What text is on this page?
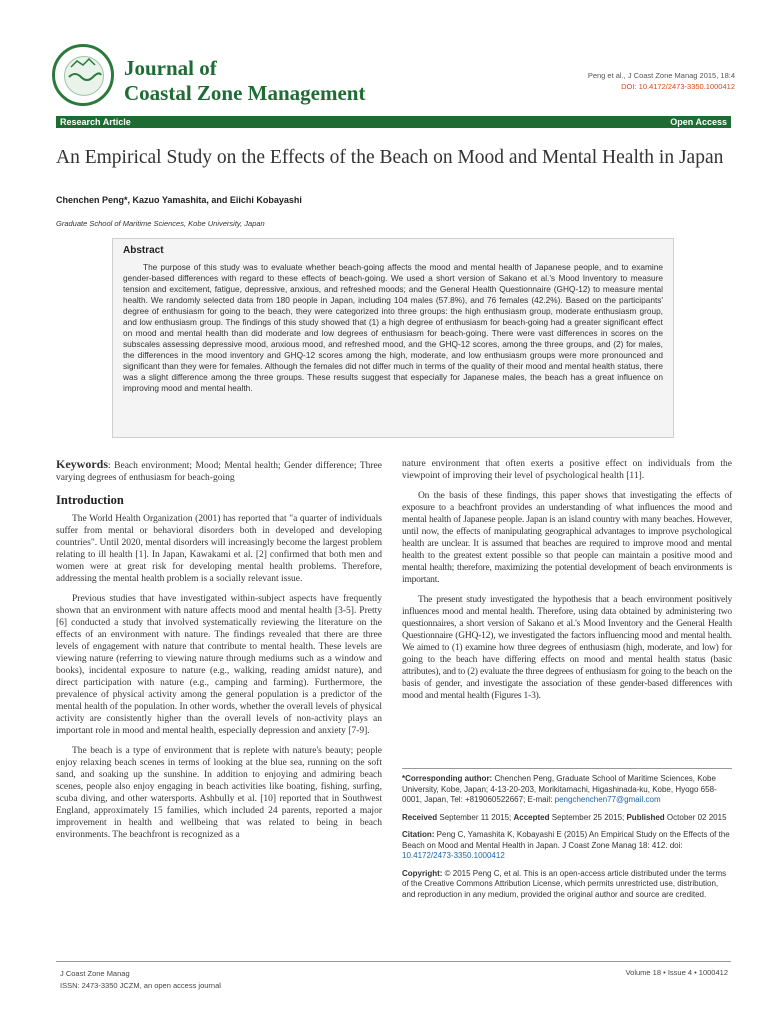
Journal of
Coastal Zone Management
Peng et al., J Coast Zone Manag 2015, 18:4
DOI: 10.4172/2473-3350.1000412
Research Article	Open Access
An Empirical Study on the Effects of the Beach on Mood and Mental Health in Japan
Chenchen Peng*, Kazuo Yamashita, and Eiichi Kobayashi
Graduate School of Maritime Sciences, Kobe University, Japan
Abstract

The purpose of this study was to evaluate whether beach-going affects the mood and mental health of Japanese people, and to examine gender-based differences with regard to these effects of beach-going. We used a short version of Sakano et al.'s Mood Inventory to measure tension and excitement, fatigue, depressive, anxious, and refreshed moods; and the General Health Questionnaire (GHQ-12) to measure mental health. We randomly selected data from 180 people in Japan, including 104 males (57.8%), and 76 females (42.2%). Based on the participants' degree of enthusiasm for going to the beach, they were categorized into three groups: the high enthusiasm group, moderate enthusiasm group, and low enthusiasm group. The findings of this study showed that (1) a high degree of enthusiasm for beach-going had a greater significant effect on mood and mental health than did moderate and low degrees of enthusiasm for beach-going. There were vast differences in scores on the subscales assessing depressive mood, anxious mood, and refreshed mood, and the GHQ-12 scores, among the three groups, and (2) for males, the differences in the mood inventory and GHQ-12 scores among the high, moderate, and low enthusiasm groups were more pronounced and significant than they were for females. Although the females did not differ much in terms of the quality of their mood and mental health status, there was a slight difference among the three groups. These results suggest that especially for Japanese males, the beach has a great influence on improving mood and mental health.

Keywords: Beach environment; Mood; Mental health; Gender difference; Three varying degrees of enthusiasm for beach-going

Introduction

The World Health Organization (2001) has reported that "a quarter of individuals suffer from mental or behavioral disorders both in developed and developing countries". Until 2020, mental disorders will increasingly become the largest problem relating to ill health [1]. In Japan, Kawakami et al. [2] confirmed that both men and women were at great risk for developing mental health problems. Therefore, addressing the mental health problem is a socially relevant issue.

Previous studies that have investigated within-subject aspects have frequently shown that an environment with nature affects mood and mental health [3-5]. Pretty [6] conducted a study that involved systematically reviewing the literature on the effects of an environment with nature. The findings revealed that there are three levels of engagement with nature that contribute to mental health. These levels are viewing nature (referring to viewing nature through mediums such as a window and books), incidental exposure to nature (e.g., walking, reading amidst nature), and direct participation with nature (e.g., camping and farming). Furthermore, the prevalence of physical activity among the general population is a predictor of the mental health of the population. In other words, whether the overall levels of physical activity are consistently higher than the overall levels of non-activity plays an important role in mood and mental health, especially depression and anxiety [7-9].

The beach is a type of environment that is replete with nature's beauty; people enjoy relaxing beach scenes in terms of looking at the blue sea, running on the soft sand, and soaking up the sunshine. In addition to enjoying and admiring beach scenes, people also enjoy engaging in beach activities like boating, fishing, surfing, scuba diving, and other watersports. Ashbully et al. [10] reported that in Southwest England, approximately 15 families, which included 24 parents, reported a major improvement in health and wellbeing that was related to being in beach environments. The beachfront is recognized as a

nature environment that often exerts a positive effect on individuals from the viewpoint of improving their level of psychological health [11].

On the basis of these findings, this paper shows that investigating the effects of exposure to a beachfront provides an understanding of what influences the mood and mental health of Japanese people. Japan is an island country with many beaches. However, until now, the effects of manipulating geographical advantages to improve psychological health are unclear. It is assumed that beaches are required to improve mood and mental health to the greatest extent possible so that people can maintain a positive mood and mental health; therefore, maximizing the potential development of beach environments is important.

The present study investigated the hypothesis that a beach environment positively influences mood and mental health. Therefore, using data obtained by administering two questionnaires, a short version of Sakano et al.'s Mood Inventory and the General Health Questionnaire (GHQ-12), we investigated the factors influencing mood and mental health. We aimed to (1) examine how three degrees of enthusiasm (high, moderate, and low) for going to the beach have differing effects on mood and mental health status (basic attributes), and to (2) evaluate the three degrees of enthusiasm for going to the beach on the basis of gender, and investigate the association of these gender-based differences with mood and mental health (Figures 1-3).

*Corresponding author: Chenchen Peng, Graduate School of Maritime Sciences, Kobe University, Kobe, Japan; 4-13-20-203, Morikitamachi, Higashinada-ku, Kobe, Hyogo 658-0001, Japan, Tel: +819060522667; E-mail: pengchenchen77@gmail.com

Received September 11 2015; Accepted September 25 2015; Published October 02 2015

Citation: Peng C, Yamashita K, Kobayashi E (2015) An Empirical Study on the Effects of the Beach on Mood and Mental Health in Japan. J Coast Zone Manag 18: 412. doi: 10.4172/2473-3350.1000412

Copyright: © 2015 Peng C, et al. This is an open-access article distributed under the terms of the Creative Commons Attribution License, which permits unrestricted use, distribution, and reproduction in any medium, provided the original author and source are credited.

J Coast Zone Manag
ISSN: 2473-3350 JCZM, an open access journal
Volume 18 • Issue 4 • 1000412
